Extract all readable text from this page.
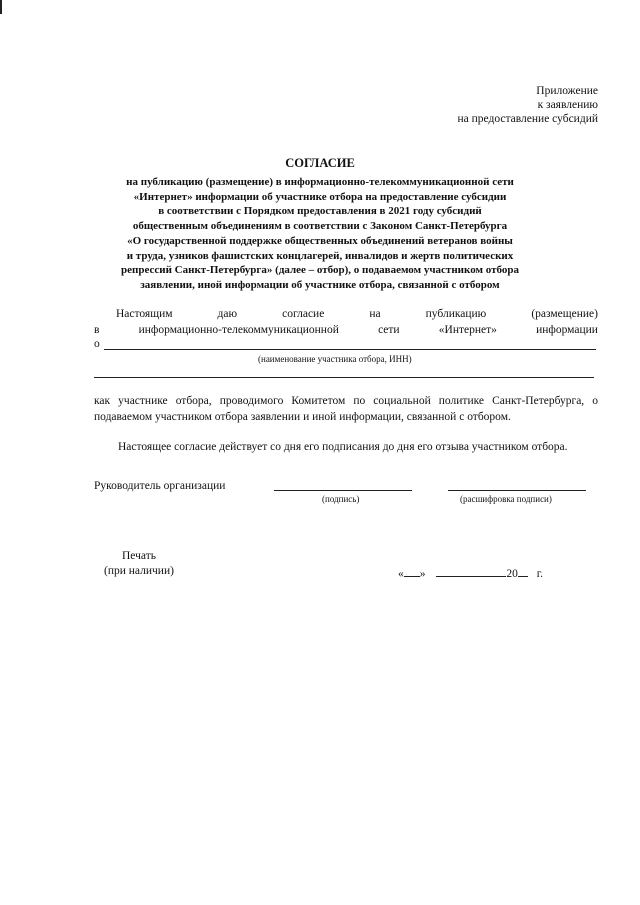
Приложение
к заявлению
на предоставление субсидий
СОГЛАСИЕ
на публикацию (размещение) в информационно-телекоммуникационной сети
«Интернет» информации об участнике отбора на предоставление субсидии
в соответствии с Порядком предоставления в 2021 году субсидий
общественным объединениям в соответствии с Законом Санкт-Петербурга
«О государственной поддержке общественных объединений ветеранов войны
и труда, узников фашистских концлагерей, инвалидов и жертв политических
репрессий Санкт-Петербурга» (далее – отбор), о подаваемом участником отбора
заявлении, иной информации об участнике отбора, связанной с отбором
Настоящим	даю	согласие	на	публикацию	(размещение)
в	информационно-телекоммуникационной	сети	«Интернет»	информации
о
(наименование участника отбора, ИНН)
как участнике отбора, проводимого Комитетом по социальной политике Санкт-Петербурга, о подаваемом участником отбора заявлении и иной информации, связанной с отбором.
Настоящее согласие действует со дня его подписания до дня его отзыва участником отбора.
Руководитель организации
(подпись)	(расшифровка подписи)
Печать
(при наличии)	« »	20 г.
